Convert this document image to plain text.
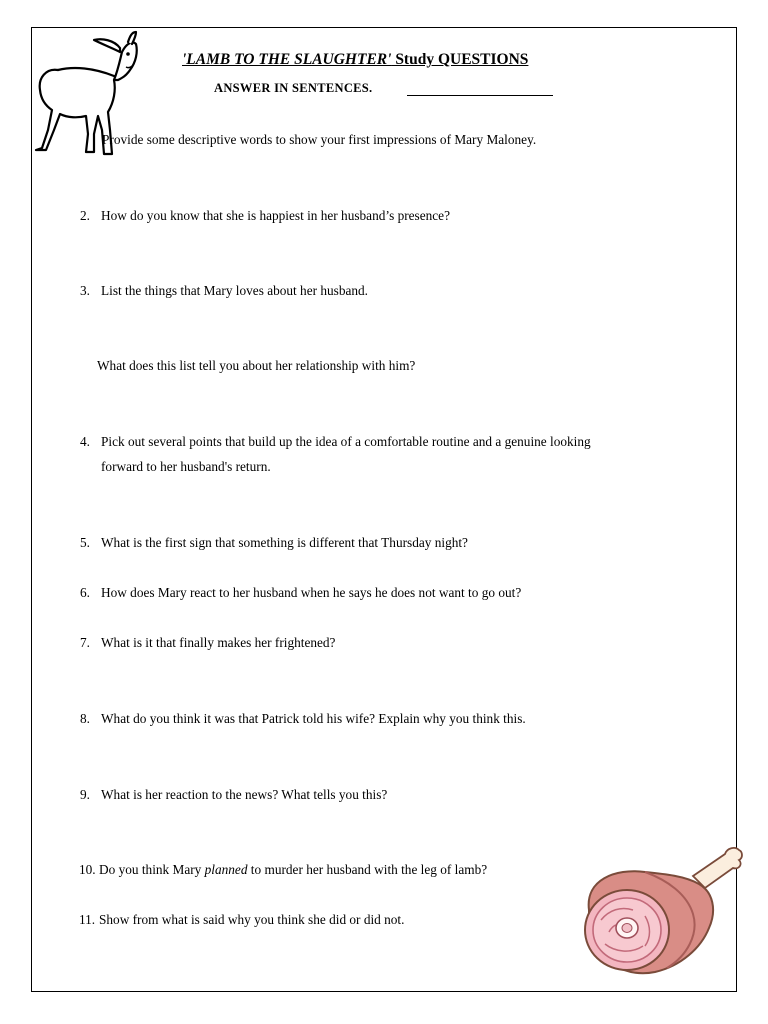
'LAMB TO THE SLAUGHTER' Study QUESTIONS
ANSWER IN SENTENCES.
Provide some descriptive words to show your first impressions of Mary Maloney.
2. How do you know that she is happiest in her husband’s presence?
3. List the things that Mary loves about her husband.
What does this list tell you about her relationship with him?
4. Pick out several points that build up the idea of a comfortable routine and a genuine looking
forward to her husband's return.
5. What is the first sign that something is different that Thursday night?
6. How does Mary react to her husband when he says he does not want to go out?
7. What is it that finally makes her frightened?
8. What do you think it was that Patrick told his wife? Explain why you think this.
9. What is her reaction to the news? What tells you this?
10. Do you think Mary planned to murder her husband with the leg of lamb?
11. Show from what is said why you think she did or did not.
